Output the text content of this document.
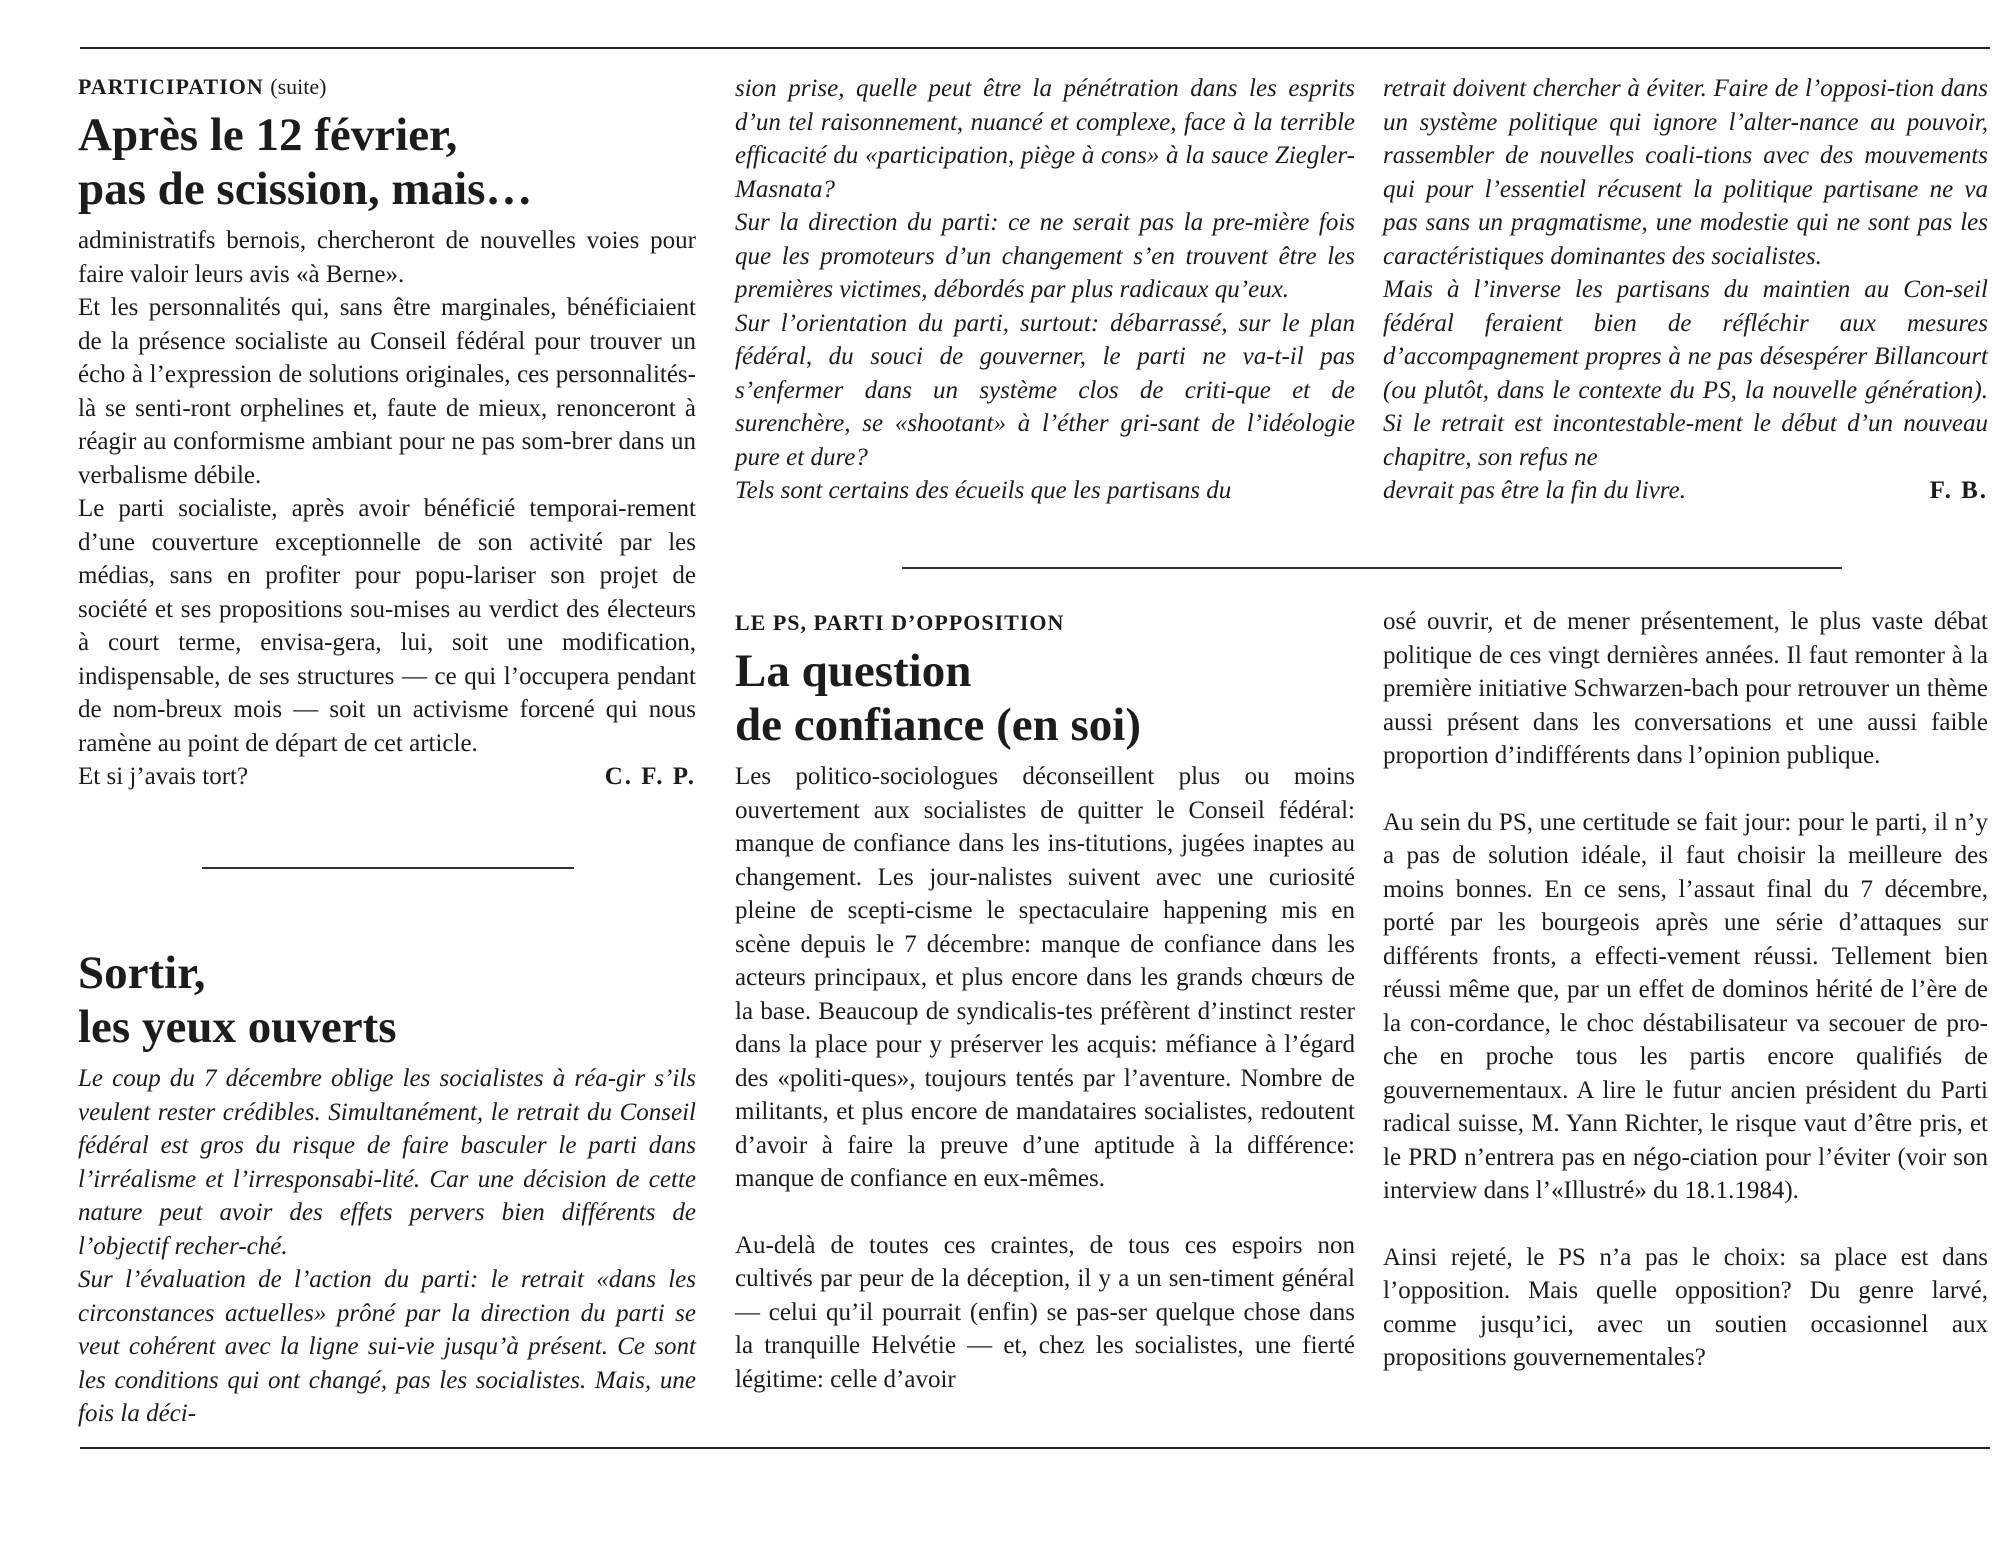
PARTICIPATION (suite)

Après le 12 février,
pas de scission, mais…

administratifs bernois, chercheront de nouvelles voies pour faire valoir leurs avis «à Berne».

Et les personnalités qui, sans être marginales, bénéficiaient de la présence socialiste au Conseil fédéral pour trouver un écho à l’expression de solutions originales, ces personnalités-là se senti-ront orphelines et, faute de mieux, renonceront à réagir au conformisme ambiant pour ne pas som-brer dans un verbalisme débile.

Le parti socialiste, après avoir bénéficié temporai-rement d’une couverture exceptionnelle de son activité par les médias, sans en profiter pour popu-lariser son projet de société et ses propositions sou-mises au verdict des électeurs à court terme, envisa-gera, lui, soit une modification, indispensable, de ses structures — ce qui l’occupera pendant de nom-breux mois — soit un activisme forcené qui nous ramène au point de départ de cet article.

Et si j’avais tort?	C. F. P.

Sortir,
les yeux ouverts

Le coup du 7 décembre oblige les socialistes à réa-gir s’ils veulent rester crédibles. Simultanément, le retrait du Conseil fédéral est gros du risque de faire basculer le parti dans l’irréalisme et l’irresponsabi-lité. Car une décision de cette nature peut avoir des effets pervers bien différents de l’objectif recher-ché.

Sur l’évaluation de l’action du parti: le retrait «dans les circonstances actuelles» prôné par la direction du parti se veut cohérent avec la ligne sui-vie jusqu’à présent. Ce sont les conditions qui ont changé, pas les socialistes. Mais, une fois la déci-

sion prise, quelle peut être la pénétration dans les esprits d’un tel raisonnement, nuancé et complexe, face à la terrible efficacité du «participation, piège à cons» à la sauce Ziegler-Masnata?

Sur la direction du parti: ce ne serait pas la pre-mière fois que les promoteurs d’un changement s’en trouvent être les premières victimes, débordés par plus radicaux qu’eux.

Sur l’orientation du parti, surtout: débarrassé, sur le plan fédéral, du souci de gouverner, le parti ne va-t-il pas s’enfermer dans un système clos de criti-que et de surenchère, se «shootant» à l’éther gri-sant de l’idéologie pure et dure?

Tels sont certains des écueils que les partisans du

retrait doivent chercher à éviter. Faire de l’opposi-tion dans un système politique qui ignore l’alter-nance au pouvoir, rassembler de nouvelles coali-tions avec des mouvements qui pour l’essentiel récusent la politique partisane ne va pas sans un pragmatisme, une modestie qui ne sont pas les caractéristiques dominantes des socialistes.

Mais à l’inverse les partisans du maintien au Con-seil fédéral feraient bien de réfléchir aux mesures d’accompagnement propres à ne pas désespérer Billancourt (ou plutôt, dans le contexte du PS, la nouvelle génération). Si le retrait est incontestable-ment le début d’un nouveau chapitre, son refus ne

devrait pas être la fin du livre.	F. B.

LE PS, PARTI D’OPPOSITION

La question
de confiance (en soi)

Les politico-sociologues déconseillent plus ou moins ouvertement aux socialistes de quitter le Conseil fédéral: manque de confiance dans les ins-titutions, jugées inaptes au changement. Les jour-nalistes suivent avec une curiosité pleine de scepti-cisme le spectaculaire happening mis en scène depuis le 7 décembre: manque de confiance dans les acteurs principaux, et plus encore dans les grands chœurs de la base. Beaucoup de syndicalis-tes préfèrent d’instinct rester dans la place pour y préserver les acquis: méfiance à l’égard des «politi-ques», toujours tentés par l’aventure. Nombre de militants, et plus encore de mandataires socialistes, redoutent d’avoir à faire la preuve d’une aptitude à la différence: manque de confiance en eux-mêmes.

Au-delà de toutes ces craintes, de tous ces espoirs non cultivés par peur de la déception, il y a un sen-timent général — celui qu’il pourrait (enfin) se pas-ser quelque chose dans la tranquille Helvétie — et, chez les socialistes, une fierté légitime: celle d’avoir

osé ouvrir, et de mener présentement, le plus vaste débat politique de ces vingt dernières années. Il faut remonter à la première initiative Schwarzen-bach pour retrouver un thème aussi présent dans les conversations et une aussi faible proportion d’indifférents dans l’opinion publique.

Au sein du PS, une certitude se fait jour: pour le parti, il n’y a pas de solution idéale, il faut choisir la meilleure des moins bonnes. En ce sens, l’assaut final du 7 décembre, porté par les bourgeois après une série d’attaques sur différents fronts, a effecti-vement réussi. Tellement bien réussi même que, par un effet de dominos hérité de l’ère de la con-cordance, le choc déstabilisateur va secouer de pro-che en proche tous les partis encore qualifiés de gouvernementaux. A lire le futur ancien président du Parti radical suisse, M. Yann Richter, le risque vaut d’être pris, et le PRD n’entrera pas en négo-ciation pour l’éviter (voir son interview dans l’«Illustré» du 18.1.1984).

Ainsi rejeté, le PS n’a pas le choix: sa place est dans l’opposition. Mais quelle opposition? Du genre larvé, comme jusqu’ici, avec un soutien occasionnel aux propositions gouvernementales?
